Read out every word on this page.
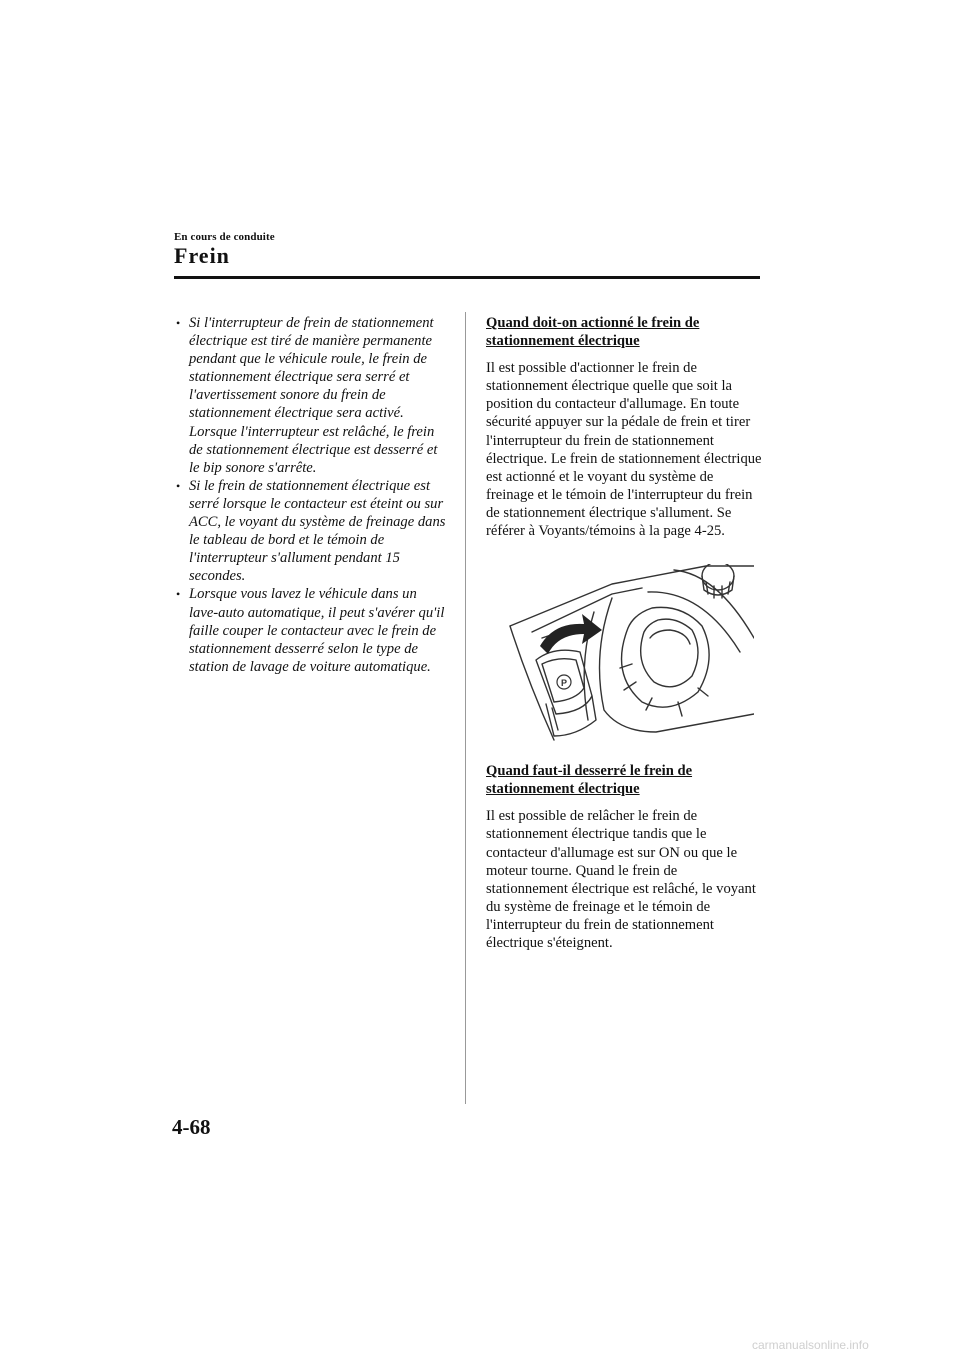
En cours de conduite
Frein

• Si l'interrupteur de frein de stationnement électrique est tiré de manière permanente pendant que le véhicule roule, le frein de stationnement électrique sera serré et l'avertissement sonore du frein de stationnement électrique sera activé. Lorsque l'interrupteur est relâché, le frein de stationnement électrique est desserré et le bip sonore s'arrête.

• Si le frein de stationnement électrique est serré lorsque le contacteur est éteint ou sur ACC, le voyant du système de freinage dans le tableau de bord et le témoin de l'interrupteur s'allument pendant 15 secondes.

• Lorsque vous lavez le véhicule dans un lave-auto automatique, il peut s'avérer qu'il faille couper le contacteur avec le frein de stationnement desserré selon le type de station de lavage de voiture automatique.

Quand doit-on actionné le frein de stationnement électrique

Il est possible d'actionner le frein de stationnement électrique quelle que soit la position du contacteur d'allumage. En toute sécurité appuyer sur la pédale de frein et tirer l'interrupteur du frein de stationnement électrique. Le frein de stationnement électrique est actionné et le voyant du système de freinage et le témoin de l'interrupteur du frein de stationnement électrique s'allument. Se référer à Voyants/témoins à la page 4-25.

P

Quand faut-il desserré le frein de stationnement électrique

Il est possible de relâcher le frein de stationnement électrique tandis que le contacteur d'allumage est sur ON ou que le moteur tourne. Quand le frein de stationnement électrique est relâché, le voyant du système de freinage et le témoin de l'interrupteur du frein de stationnement électrique s'éteignent.

4-68
carmanualsonline.info
